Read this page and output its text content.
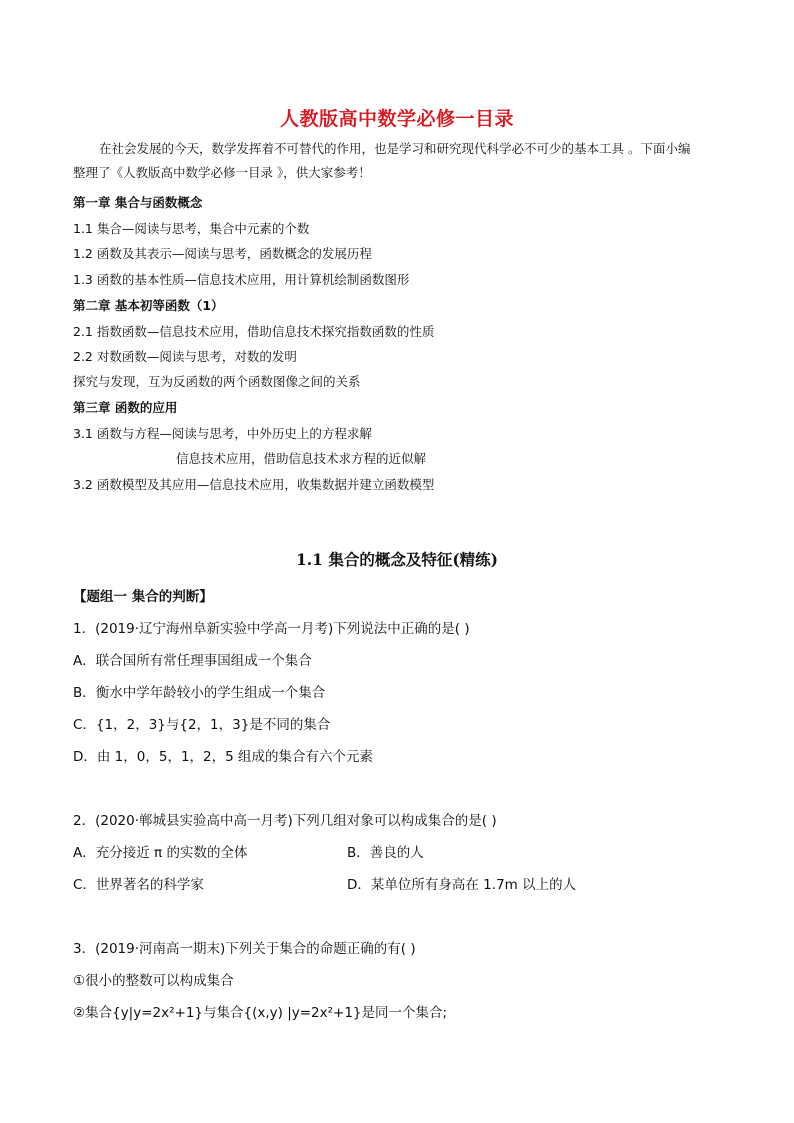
人教版高中数学必修一目录
在社会发展的今天，数学发挥着不可替代的作用，也是学习和研究现代科学必不可少的基本工具 。下面小编
整理了《人教版高中数学必修一目录 》，供大家参考！
第一章 集合与函数概念
1.1 集合—阅读与思考，集合中元素的个数
1.2 函数及其表示—阅读与思考，函数概念的发展历程
1.3 函数的基本性质—信息技术应用，用计算机绘制函数图形
第二章 基本初等函数（1）
2.1 指数函数—信息技术应用，借助信息技术探究指数函数的性质
2.2 对数函数—阅读与思考，对数的发明
探究与发现，互为反函数的两个函数图像之间的关系
第三章 函数的应用
3.1 函数与方程—阅读与思考，中外历史上的方程求解
信息技术应用，借助信息技术求方程的近似解
3.2 函数模型及其应用—信息技术应用，收集数据并建立函数模型
1.1 集合的概念及特征(精练)
【题组一 集合的判断】
1．(2019·辽宁海州阜新实验中学高一月考)下列说法中正确的是( )
A．联合国所有常任理事国组成一个集合
B．衡水中学年龄较小的学生组成一个集合
C．{1，2，3}与{2，1，3}是不同的集合
D．由 1，0，5，1，2，5 组成的集合有六个元素
2．(2020·郸城县实验高中高一月考)下列几组对象可以构成集合的是( )
A．充分接近 π 的实数的全体	B．善良的人
C．世界著名的科学家	D．某单位所有身高在 1.7m 以上的人
3．(2019·河南高一期末)下列关于集合的命题正确的有( )
①很小的整数可以构成集合
②集合{y|y=2x²+1}与集合{(x,y) |y=2x²+1}是同一个集合;
